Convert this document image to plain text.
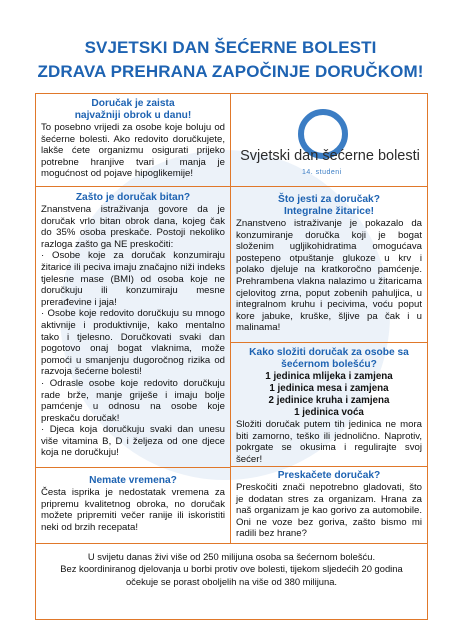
SVJETSKI DAN ŠEĆERNE BOLESTI
ZDRAVA PREHRANA ZAPOČINJE DORUČKOM!
Doručak je zaista
najvažniji obrok u danu!
To posebno vrijedi za osobe koje boluju od šećerne bolesti. Ako redovito doručkujete, lakše ćete organizmu osigurati prijeko potrebne hranjive tvari i manja je mogućnost od pojave hipoglikemije!
Svjetski dan šećerne bolesti
14. studeni
Zašto je doručak bitan?
Znanstvena istraživanja govore da je doručak vrlo bitan obrok dana, kojeg čak do 35% osoba preskače. Postoji nekoliko razloga zašto ga NE preskočiti:

· Osobe koje za doručak konzumiraju žitarice ili peciva imaju značajno niži indeks tjelesne mase (BMI) od osoba koje ne doručkuju ili konzumiraju mesne prerađevine i jaja!

· Osobe koje redovito doručkuju su mnogo aktivnije i produktivnije, kako mentalno tako i tjelesno. Doručkovati svaki dan pogotovo onaj bogat vlaknima, može pomoći u smanjenju dugoročnog rizika od razvoja šećerne bolesti!

· Odrasle osobe koje redovito doručkuju rade brže, manje griješe i imaju bolje pamćenje u odnosu na osobe koje preskaču doručak!

· Djeca koja doručkuju svaki dan unesu više vitamina B, D i željeza od one djece koja ne doručkuju!

Što jesti za doručak?
Integralne žitarice!
Znanstveno istraživanje je pokazalo da konzumiranje doručka koji je bogat složenim ugljikohidratima omogućava postepeno otpuštanje glukoze u krv i polako djeluje na kratkoročno pamćenje. Prehrambena vlakna nalazimo u žitaricama cjelovitog zrna, poput zobenih pahuljica, u integralnom kruhu i pecivima, voću poput kore jabuke, kruške, šljive pa čak i u malinama!
Kako složiti doručak za osobe sa
šećernom bolešću?
1 jedinica mlijeka i zamjena
1 jedinica mesa i zamjena
2 jedinice kruha i zamjena
1 jedinica voća
Složiti doručak putem tih jedinica ne mora biti zamorno, teško ili jednolično. Naprotiv, pokrgate se okusima i regulirajte svoj šećer!
Nemate vremena?
Česta isprika je nedostatak vremena za pripremu kvalitetnog obroka, no doručak možete pripremiti večer ranije ili iskoristiti neki od brzih recepata!
Preskačete doručak?
Preskočiti znači nepotrebno gladovati, što je dodatan stres za organizam. Hrana za naš organizam je kao gorivo za automobile. Oni ne voze bez goriva, zašto bismo mi radili bez hrane?
U svijetu danas živi više od 250 milijuna osoba sa šećernom bolešću.
Bez koordiniranog djelovanja u borbi protiv ove bolesti, tijekom sljedećih 20 godina
očekuje se porast oboljelih na više od 380 milijuna.
